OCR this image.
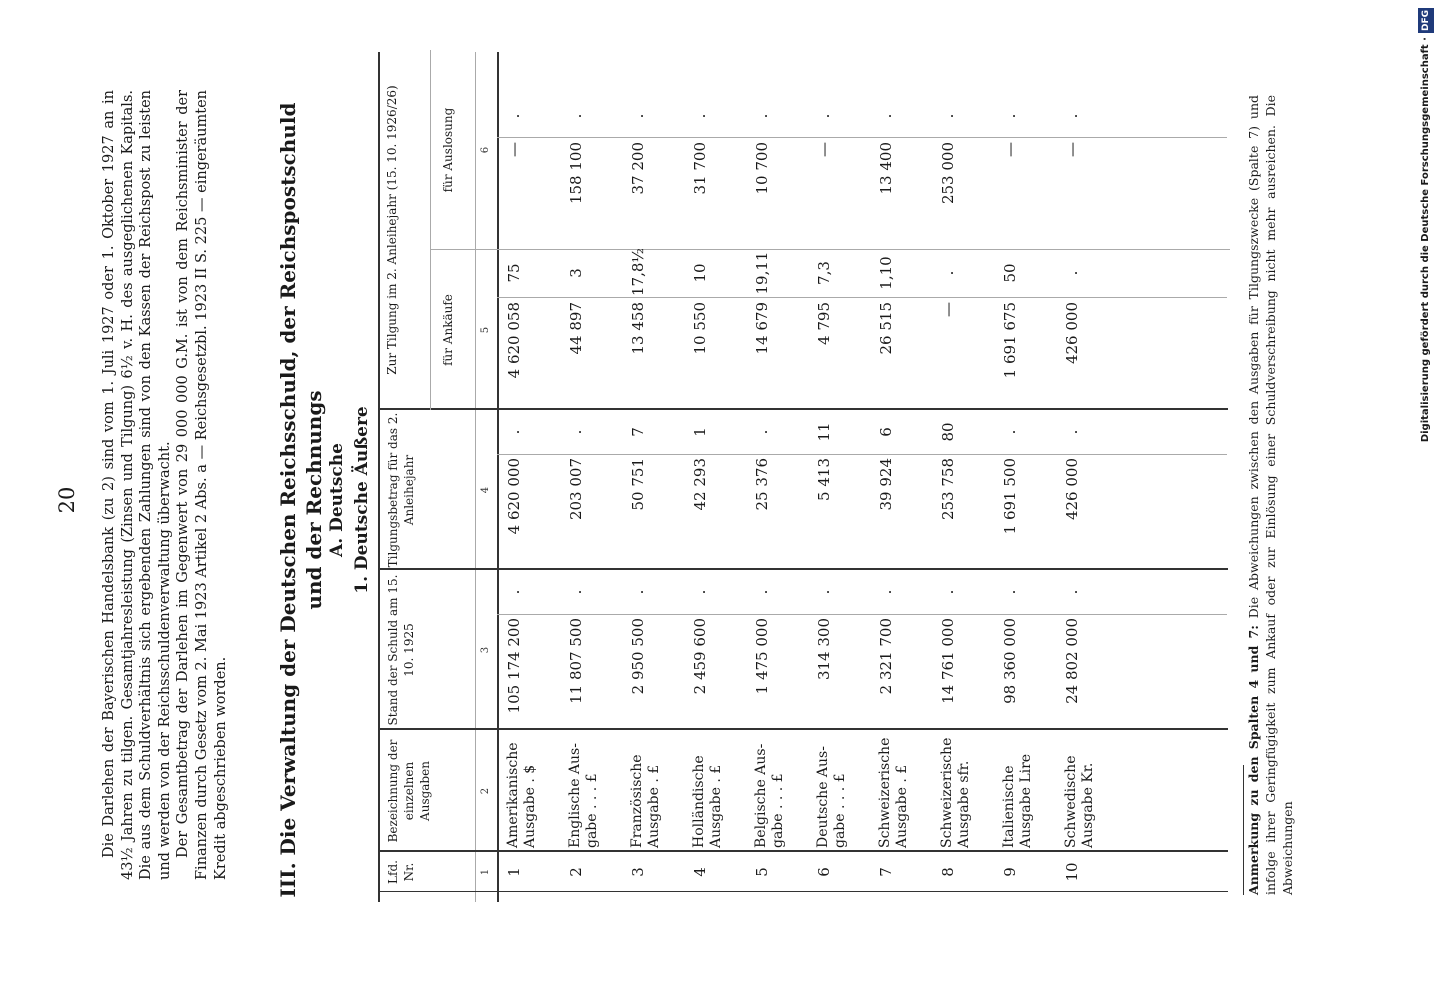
20 Die Darlehen der Bayerischen Handelsbank (zu 2) sind vom 1. Juli 1927 oder 1. Oktober 1927 an in 43½ Jahren zu tilgen. Gesamtjahresleistung (Zinsen und Tilgung) 6½ v. H. des ausgeglichenen Kapitals. Die aus dem Schuldverhältnis sich ergebenden Zahlungen sind von den Kassen der Reichspost zu leisten und werden von der Reichsschuldenverwaltung überwacht. Der Gesamtbetrag der Darlehen im Gegenwert von 29 000 000 G.M. ist von dem Reichsminister der Finanzen durch Gesetz vom 2. Mai 1923 Artikel 2 Abs. a — Reichsgesetzbl. 1923 II S. 225 — eingeräumten Kredit abgeschrieben worden. III. Die Verwaltung der Deutschen Reichsschuld, der Reichspostschuld und der Rechnungs A. Deutsche 1. Deutsche Äußere
Lfd. Nr.
Bezeichnung der einzelnen Ausgaben
Stand der Schuld am 15. 10. 1925
Tilgungsbetrag für das 2. Anleihejahr
Zur Tilgung im 2. Anleihejahr (15. 10. 1926/26)	für Ankäufe
für Auslosung
1
2
3
4
5
6
1
Amerikanische Ausgabe . $
105 174 200
.
4 620 000
.
4 620 058
75
—
.
2
Englische Aus- gabe . . . £
11 807 500
.
203 007
.
44 897
3
158 100
.
3
Französische Ausgabe . £
2 950 500
.
50 751
7
13 458
17,8½
37 200
.
4
Holländische Ausgabe . £
2 459 600
.
42 293
1
10 550
10
31 700
.
5
Belgische Aus- gabe . . . £
1 475 000
.
25 376
.
14 679
19,11
10 700
.
6
Deutsche Aus- gabe . . . £
314 300
.
5 413
11
4 795
7,3
—
.
7
Schweizerische Ausgabe . £
2 321 700
.
39 924
6
26 515
1,10
13 400
.
8
Schweizerische Ausgabe sfr.
14 761 000
.
253 758
80
—
.
253 000
.
9
Italienische Ausgabe Lire
98 360 000
.
1 691 500
.
1 691 675
50
—
.
10
Schwedische Ausgabe Kr.
24 802 000
.
426 000
.
426 000
.
—
.
Anmerkung zu den Spalten 4 und 7: Die Abweichungen zwischen den Ausgaben für Tilgungszwecke (Spalte 7) und infolge ihrer Geringfügigkeit zum Ankauf oder zur Einlösung einer Schuldverschreibung nicht mehr ausreichen. Die Abweichungen
Digitalisierung gefördert durch die Deutsche Forschungsgemeinschaft ·DFG
